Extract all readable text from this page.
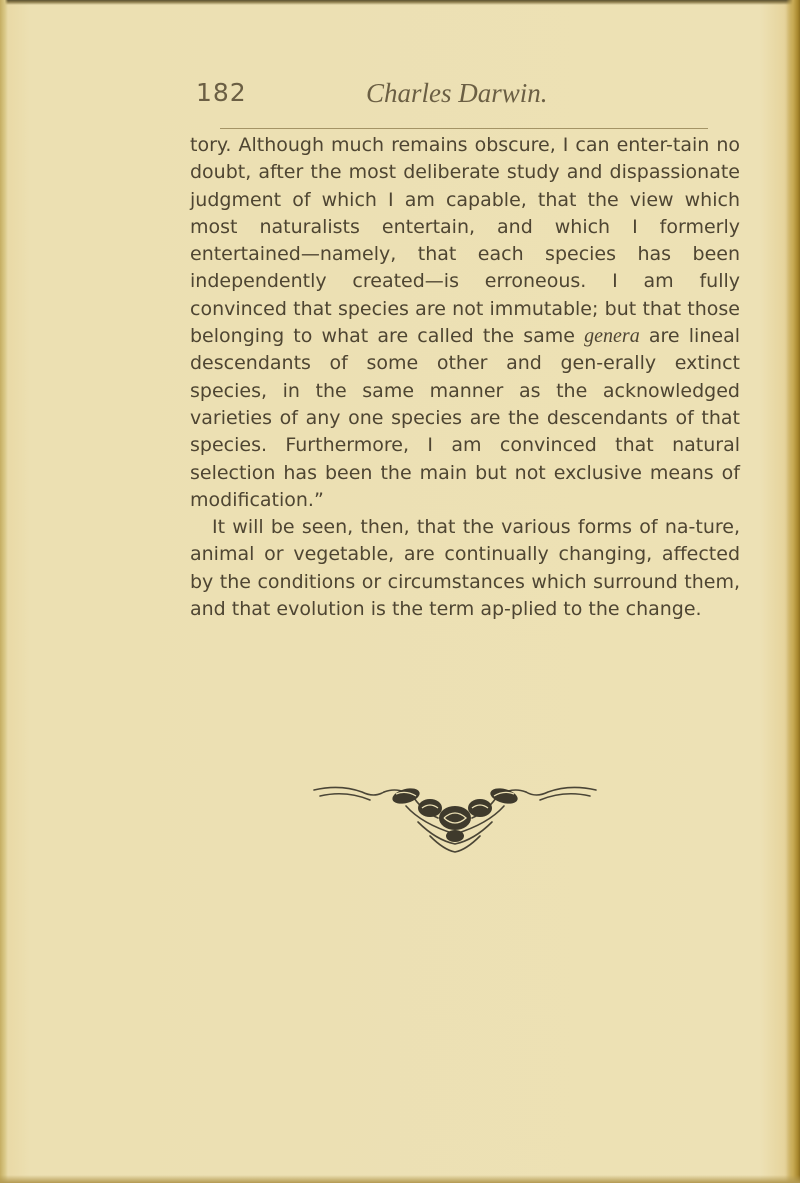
182	Charles Darwin.

tory. Although much remains obscure, I can enter-tain no doubt, after the most deliberate study and dispassionate judgment of which I am capable, that the view which most naturalists entertain, and which I formerly entertained—namely, that each species has been independently created—is erroneous. I am fully convinced that species are not immutable; but that those belonging to what are called the same genera are lineal descendants of some other and gen-erally extinct species, in the same manner as the acknowledged varieties of any one species are the descendants of that species. Furthermore, I am convinced that natural selection has been the main but not exclusive means of modification.”

It will be seen, then, that the various forms of na-ture, animal or vegetable, are continually changing, affected by the conditions or circumstances which surround them, and that evolution is the term ap-plied to the change.
